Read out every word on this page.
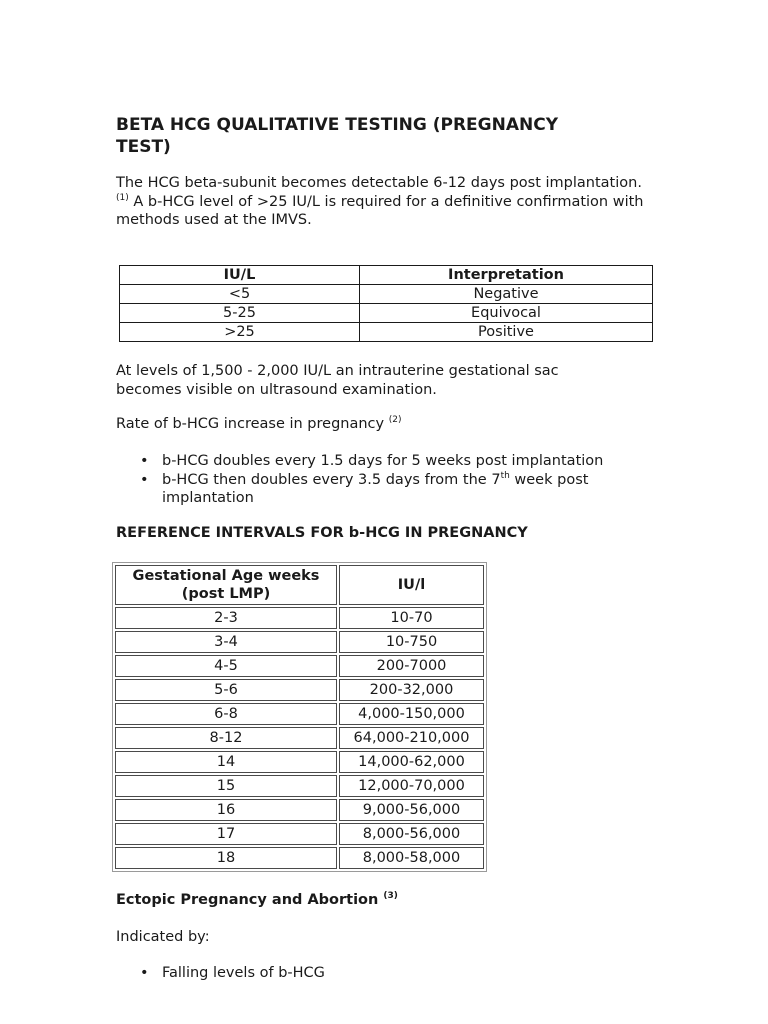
BETA HCG QUALITATIVE TESTING (PREGNANCY TEST)

The HCG beta-subunit becomes detectable 6-12 days post implantation. $^{(1)}$ A b-HCG level of >25 IU/L is required for a definitive confirmation with methods used at the IMVS.

IU/L	Interpretation
<5	Negative
5-25	Equivocal
>25	Positive

At levels of 1,500 - 2,000 IU/L an intrauterine gestational sac becomes visible on ultrasound examination.

Rate of b-HCG increase in pregnancy $^{(2)}$

• b-HCG doubles every 1.5 days for 5 weeks post implantation
• b-HCG then doubles every 3.5 days from the 7th week post implantation
REFERENCE INTERVALS FOR b-HCG IN PREGNANCY
Gestational Age weeks (post LMP)	IU/l
2-3	10-70
3-4	10-750
4-5	200-7000
5-6	200-32,000
6-8	4,000-150,000
8-12	64,000-210,000
14	14,000-62,000
15	12,000-70,000
16	9,000-56,000
17	8,000-56,000
18	8,000-58,000
Ectopic Pregnancy and Abortion $^{(3)}$

Indicated by:

• Falling levels of b-HCG
